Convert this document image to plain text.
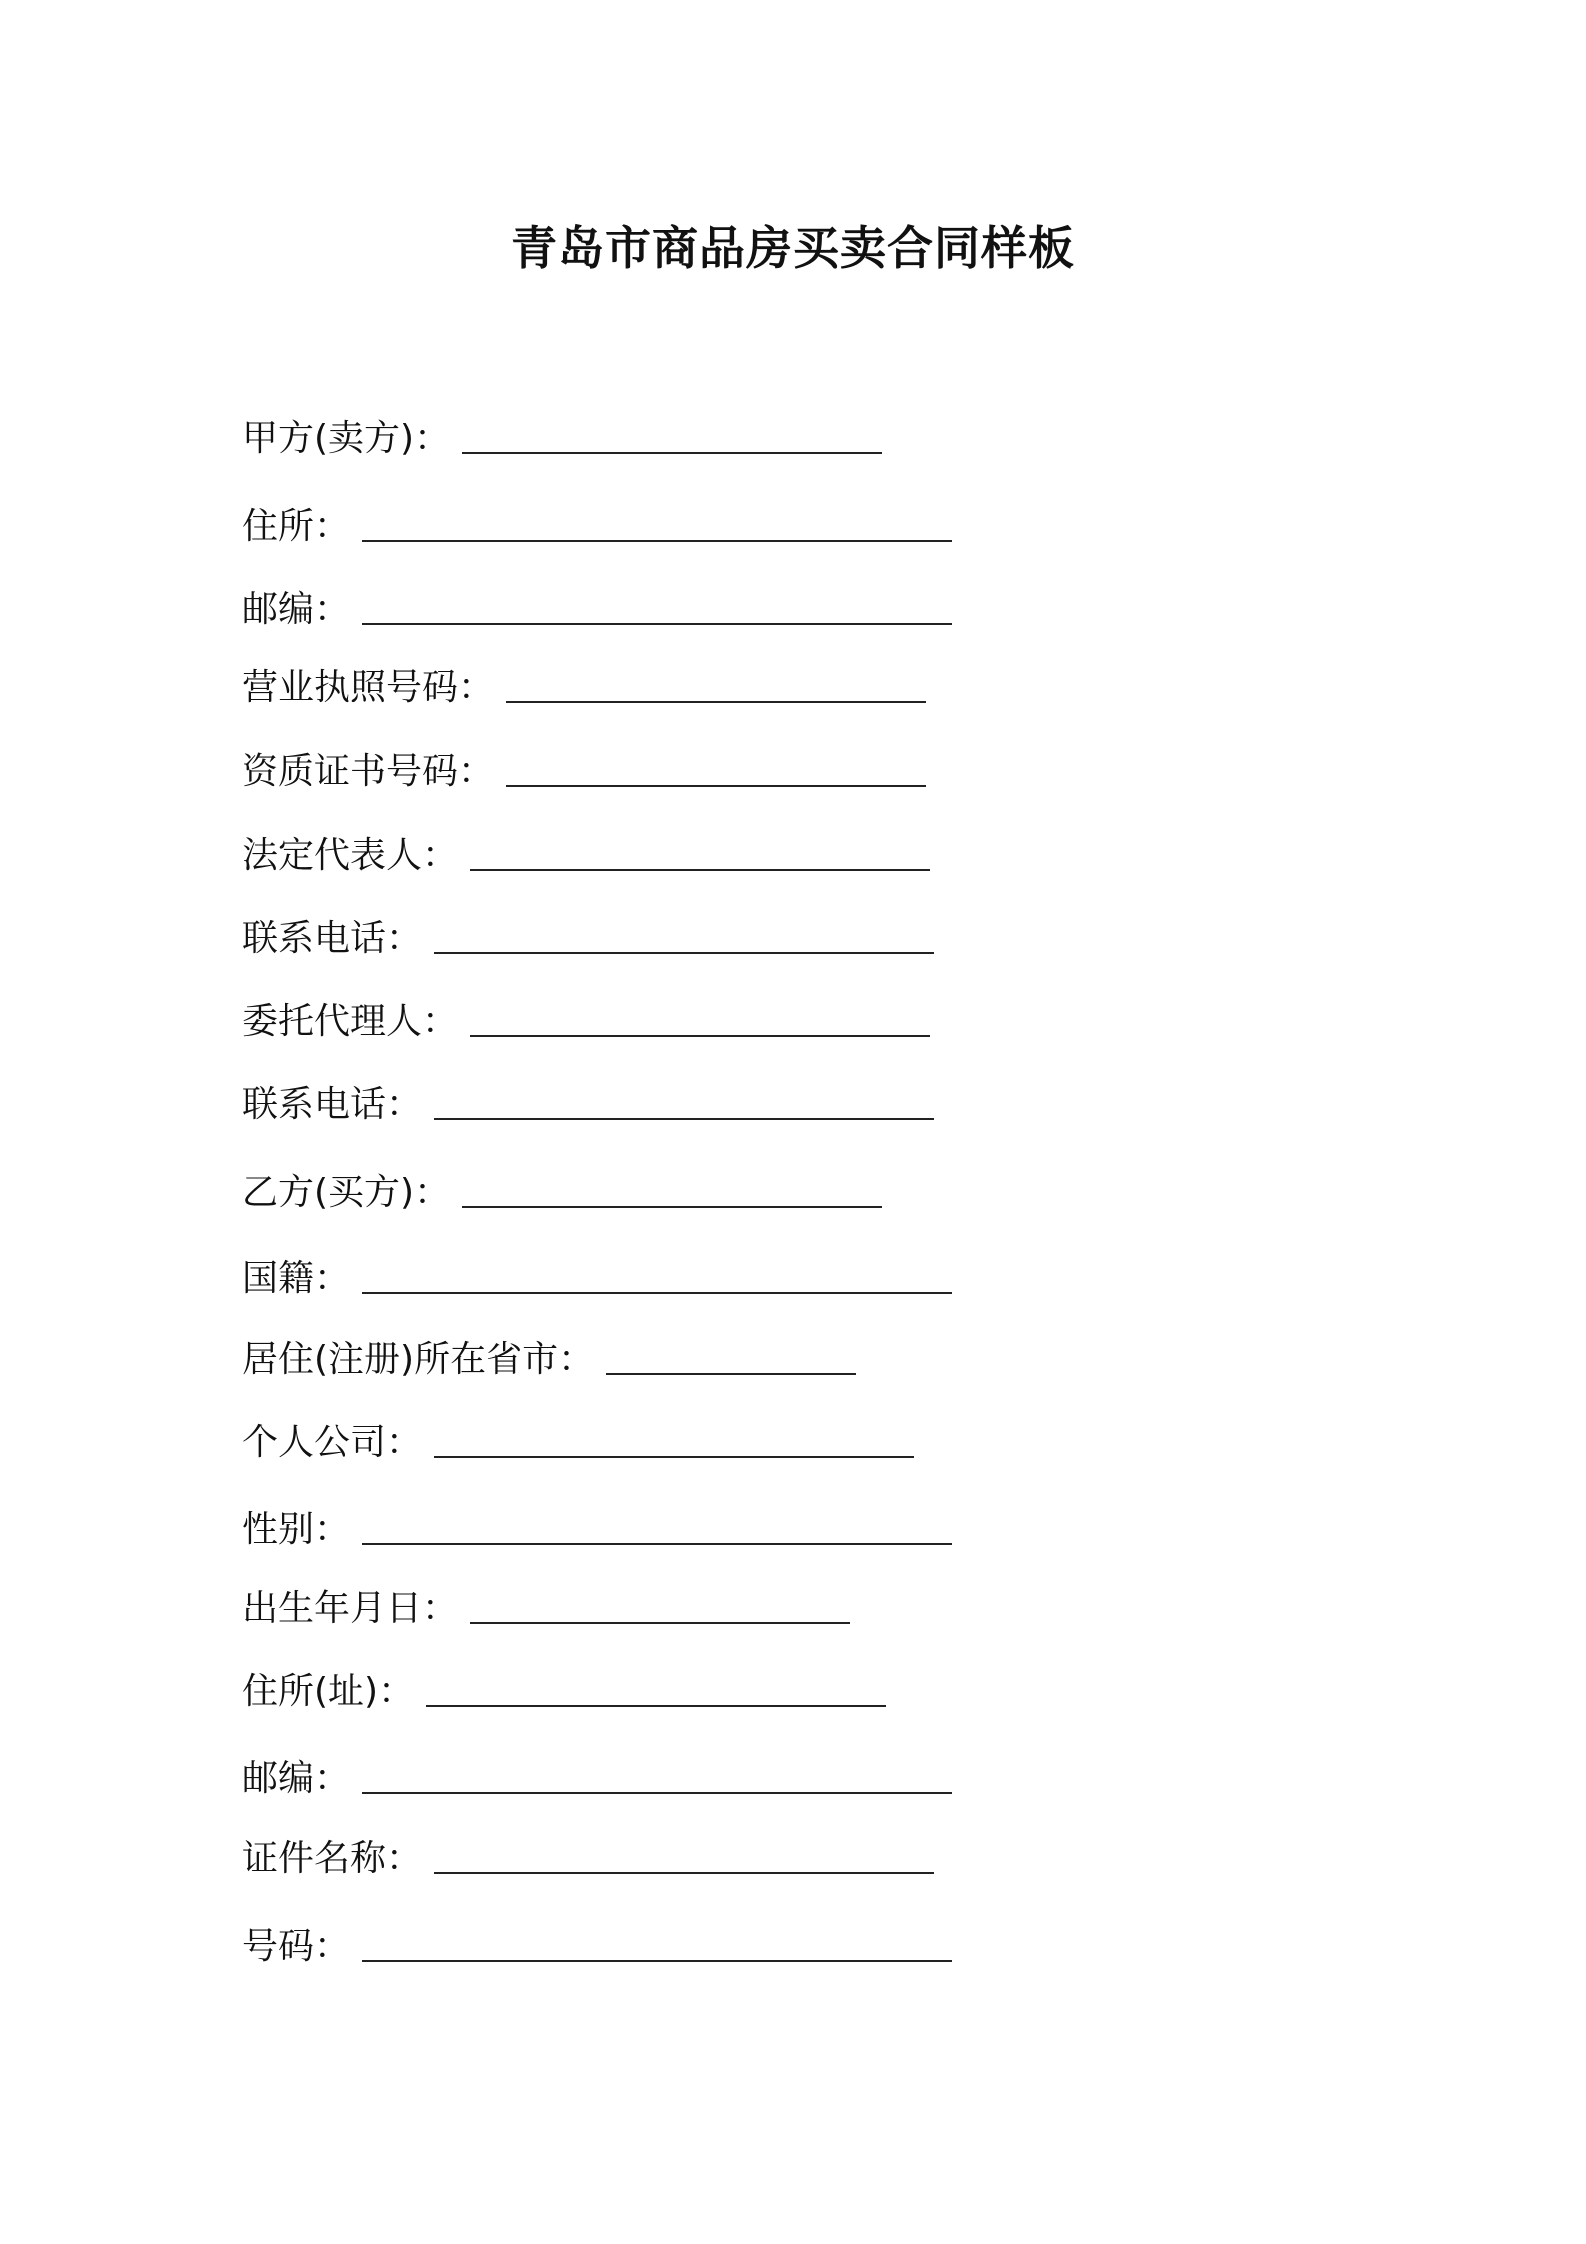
青岛市商品房买卖合同样板
甲方(卖方) ：
住所 ：
邮编 ：
营业执照号码 ：
资质证书号码 ：
法定代表人 ：
联系电话 ：
委托代理人 ：
联系电话 ：
乙方(买方) ：
国籍 ：
居住(注册)所在省市 ：
个人公司 ：
性别 ：
出生年月日 ：
住所(址) ：
邮编 ：
证件名称 ：
号码 ：
